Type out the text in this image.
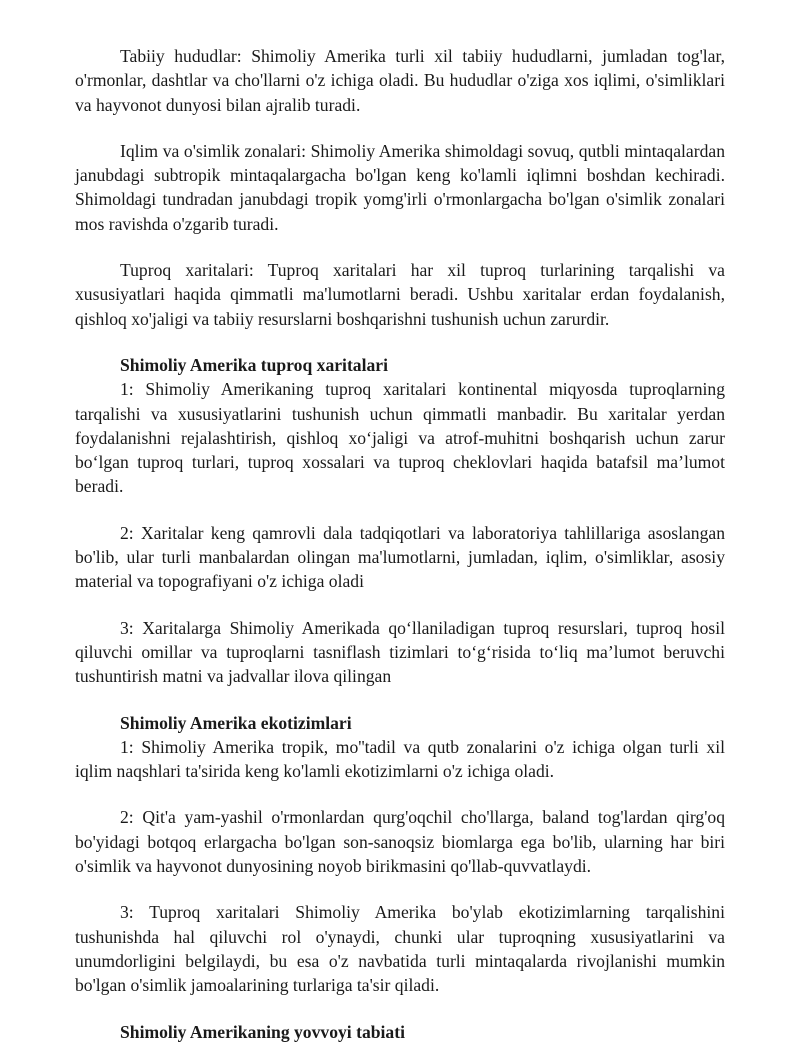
Tabiiy hududlar: Shimoliy Amerika turli xil tabiiy hududlarni, jumladan tog'lar, o'rmonlar, dashtlar va cho'llarni o'z ichiga oladi. Bu hududlar o'ziga xos iqlimi, o'simliklari va hayvonot dunyosi bilan ajralib turadi.

Iqlim va o'simlik zonalari: Shimoliy Amerika shimoldagi sovuq, qutbli mintaqalardan janubdagi subtropik mintaqalargacha bo'lgan keng ko'lamli iqlimni boshdan kechiradi. Shimoldagi tundradan janubdagi tropik yomg'irli o'rmonlargacha bo'lgan o'simlik zonalari mos ravishda o'zgarib turadi.

Tuproq xaritalari: Tuproq xaritalari har xil tuproq turlarining tarqalishi va xususiyatlari haqida qimmatli ma'lumotlarni beradi. Ushbu xaritalar erdan foydalanish, qishloq xo'jaligi va tabiiy resurslarni boshqarishni tushunish uchun zarurdir.

Shimoliy Amerika tuproq xaritalari

1: Shimoliy Amerikaning tuproq xaritalari kontinental miqyosda tuproqlarning tarqalishi va xususiyatlarini tushunish uchun qimmatli manbadir. Bu xaritalar yerdan foydalanishni rejalashtirish, qishloq xo‘jaligi va atrof-muhitni boshqarish uchun zarur bo‘lgan tuproq turlari, tuproq xossalari va tuproq cheklovlari haqida batafsil ma’lumot beradi.

2: Xaritalar keng qamrovli dala tadqiqotlari va laboratoriya tahlillariga asoslangan bo'lib, ular turli manbalardan olingan ma'lumotlarni, jumladan, iqlim, o'simliklar, asosiy material va topografiyani o'z ichiga oladi

3: Xaritalarga Shimoliy Amerikada qo‘llaniladigan tuproq resurslari, tuproq hosil qiluvchi omillar va tuproqlarni tasniflash tizimlari to‘g‘risida to‘liq ma’lumot beruvchi tushuntirish matni va jadvallar ilova qilingan

Shimoliy Amerika ekotizimlari

1: Shimoliy Amerika tropik, mo''tadil va qutb zonalarini o'z ichiga olgan turli xil iqlim naqshlari ta'sirida keng ko'lamli ekotizimlarni o'z ichiga oladi.

2: Qit'a yam-yashil o'rmonlardan qurg'oqchil cho'llarga, baland tog'lardan qirg'oq bo'yidagi botqoq erlargacha bo'lgan son-sanoqsiz biomlarga ega bo'lib, ularning har biri o'simlik va hayvonot dunyosining noyob birikmasini qo'llab-quvvatlaydi.

3: Tuproq xaritalari Shimoliy Amerika bo'ylab ekotizimlarning tarqalishini tushunishda hal qiluvchi rol o'ynaydi, chunki ular tuproqning xususiyatlarini va unumdorligini belgilaydi, bu esa o'z navbatida turli mintaqalarda rivojlanishi mumkin bo'lgan o'simlik jamoalarining turlariga ta'sir qiladi.

Shimoliy Amerikaning yovvoyi tabiati
